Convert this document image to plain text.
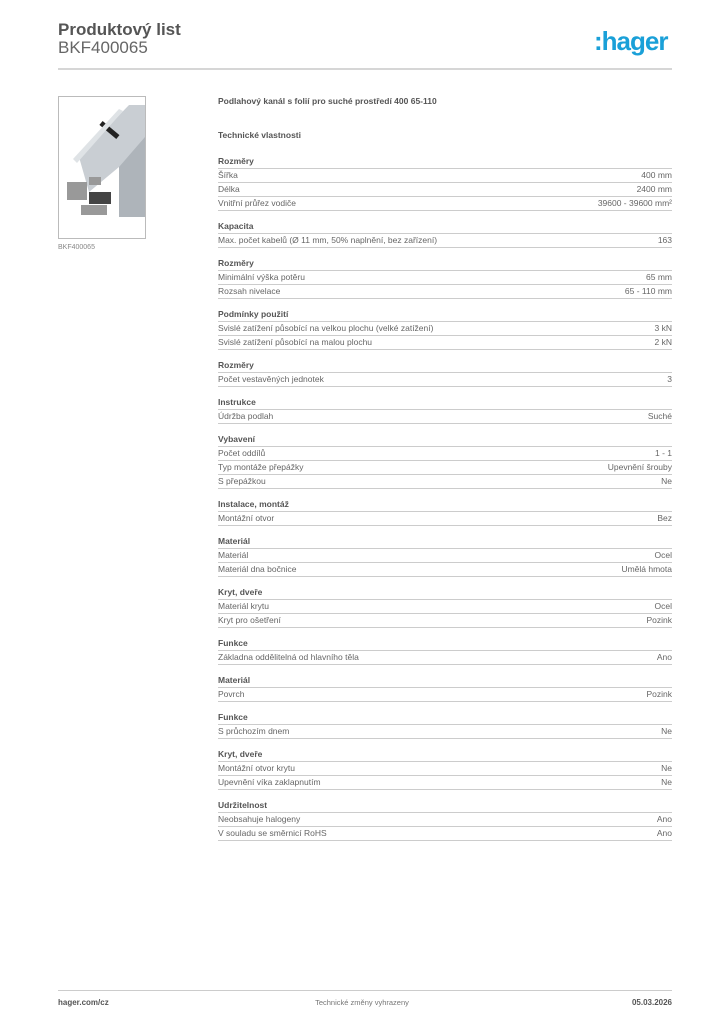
Produktový list
BKF400065	:hager
BKF400065
Podlahový kanál s folií pro suché prostředí 400 65-110
Technické vlastnosti
Rozměry
Šířka	400 mm
Délka	2400 mm
Vnitřní průřez vodiče	39600 - 39600 mm²
Kapacita
Max. počet kabelů (Ø 11 mm, 50% naplnění, bez zařízení)	163
Rozměry
Minimální výška potěru	65 mm
Rozsah nivelace	65 - 110 mm
Podmínky použití
Svislé zatížení působící na velkou plochu (velké zatížení)	3 kN
Svislé zatížení působící na malou plochu	2 kN
Rozměry
Počet vestavěných jednotek	3
Instrukce
Údržba podlah	Suché
Vybavení
Počet oddílů	1 - 1
Typ montáže přepážky	Upevnění šrouby
S přepážkou	Ne
Instalace, montáž
Montážní otvor	Bez
Materiál
Materiál	Ocel
Materiál dna bočnice	Umělá hmota
Kryt, dveře
Materiál krytu	Ocel
Kryt pro ošetření	Pozink
Funkce
Základna oddělitelná od hlavního těla	Ano
Materiál
Povrch	Pozink
Funkce
S průchozím dnem	Ne
Kryt, dveře
Montážní otvor krytu	Ne
Upevnění víka zaklapnutím	Ne
Udržitelnost
Neobsahuje halogeny	Ano
V souladu se směrnicí RoHS	Ano
hager.com/cz	Technické změny vyhrazeny	05.03.2026
